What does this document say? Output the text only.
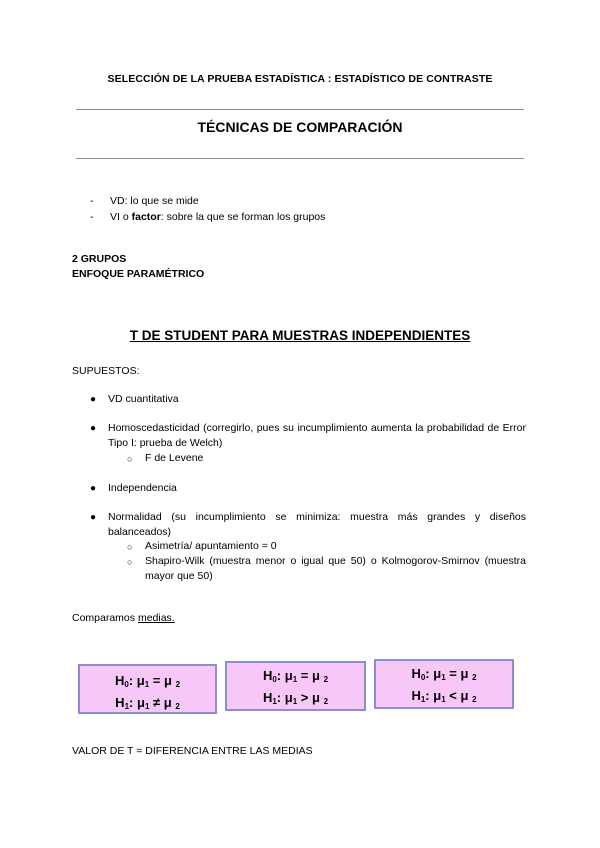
SELECCIÓN DE LA PRUEBA ESTADÍSTICA : ESTADÍSTICO DE CONTRASTE
TÉCNICAS DE COMPARACIÓN
- VD: lo que se mide
- VI o factor: sobre la que se forman los grupos
2 GRUPOS
ENFOQUE PARAMÉTRICO
T DE STUDENT PARA MUESTRAS INDEPENDIENTES
SUPUESTOS:
● VD cuantitativa
● Homoscedasticidad (corregirlo, pues su incumplimiento aumenta la probabilidad de Error Tipo I: prueba de Welch)
○ F de Levene
● Independencia
● Normalidad (su incumplimiento se minimiza: muestra más grandes y diseños balanceados)
○ Asimetría/ apuntamiento = 0
○ Shapiro-Wilk (muestra menor o igual que 50) o Kolmogorov-Smirnov (muestra mayor que 50)
Comparamos medias.
$H_0$: $\mu_1 = \mu$ $_2$
$H_1$: $\mu_1 \ne \mu$ $_2$
$H_0$: $\mu_1 = \mu$ $_2$
$H_1$: $\mu_1 > \mu$ $_2$
$H_0$: $\mu_1 = \mu$ $_2$
$H_1$: $\mu_1 < \mu$ $_2$
VALOR DE T = DIFERENCIA ENTRE LAS MEDIAS
